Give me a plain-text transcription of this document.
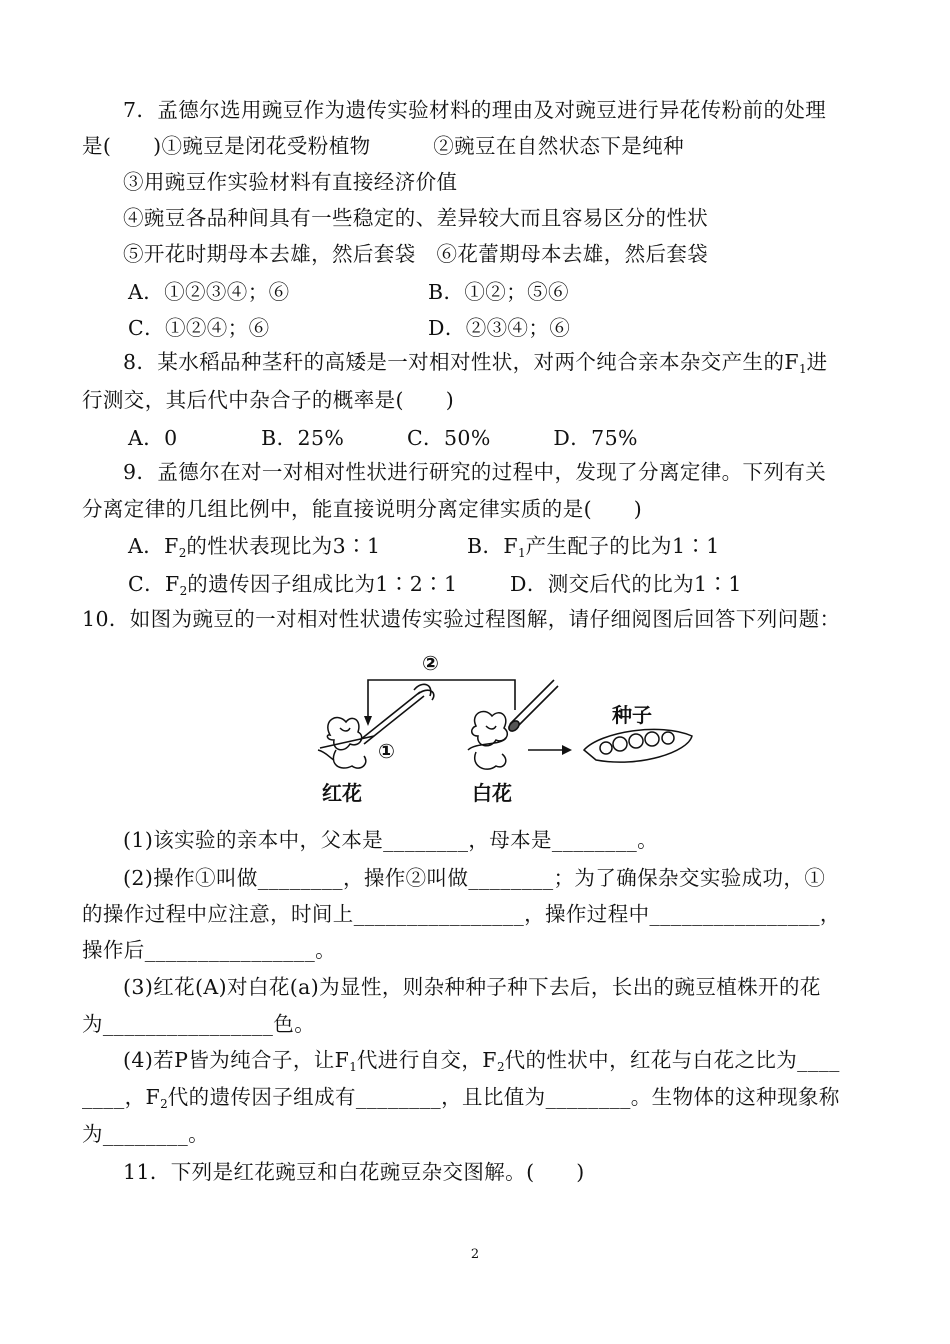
7．孟德尔选用豌豆作为遗传实验材料的理由及对豌豆进行异花传粉前的处理
是(　　)①豌豆是闭花受粉植物　　　②豌豆在自然状态下是纯种
③用豌豆作实验材料有直接经济价值
④豌豆各品种间具有一些稳定的、差异较大而且容易区分的性状
⑤开花时期母本去雄，然后套袋　⑥花蕾期母本去雄，然后套袋
A．①②③④；⑥	B．①②；⑤⑥
C．①②④；⑥	D．②③④；⑥
8．某水稻品种茎秆的高矮是一对相对性状，对两个纯合亲本杂交产生的$F_1$进
行测交，其后代中杂合子的概率是(　　)
A．0　　　　B．25%　　　C．50%　　　D．75%
9．孟德尔在对一对相对性状进行研究的过程中，发现了分离定律。下列有关
分离定律的几组比例中，能直接说明分离定律实质的是(　　)
A．$F_2$的性状表现比为3∶1	B．$F_1$产生配子的比为1∶1
C．$F_2$的遗传因子组成比为1∶2∶1	D．测交后代的比为1∶1
10．如图为豌豆的一对相对性状遗传实验过程图解，请仔细阅图后回答下列问题：
②
①
红花	白花
种子
(1)该实验的亲本中，父本是________，母本是________。
(2)操作①叫做________，操作②叫做________；为了确保杂交实验成功，①
的操作过程中应注意，时间上________________，操作过程中________________，
操作后________________。
(3)红花(A)对白花(a)为显性，则杂种种子种下去后，长出的豌豆植株开的花
为________________色。
(4)若P皆为纯合子，让$F_1$代进行自交，$F_2$代的性状中，红花与白花之比为____
____，$F_2$代的遗传因子组成有________，且比值为________。生物体的这种现象称
为________。
11．下列是红花豌豆和白花豌豆杂交图解。(　　)
2
